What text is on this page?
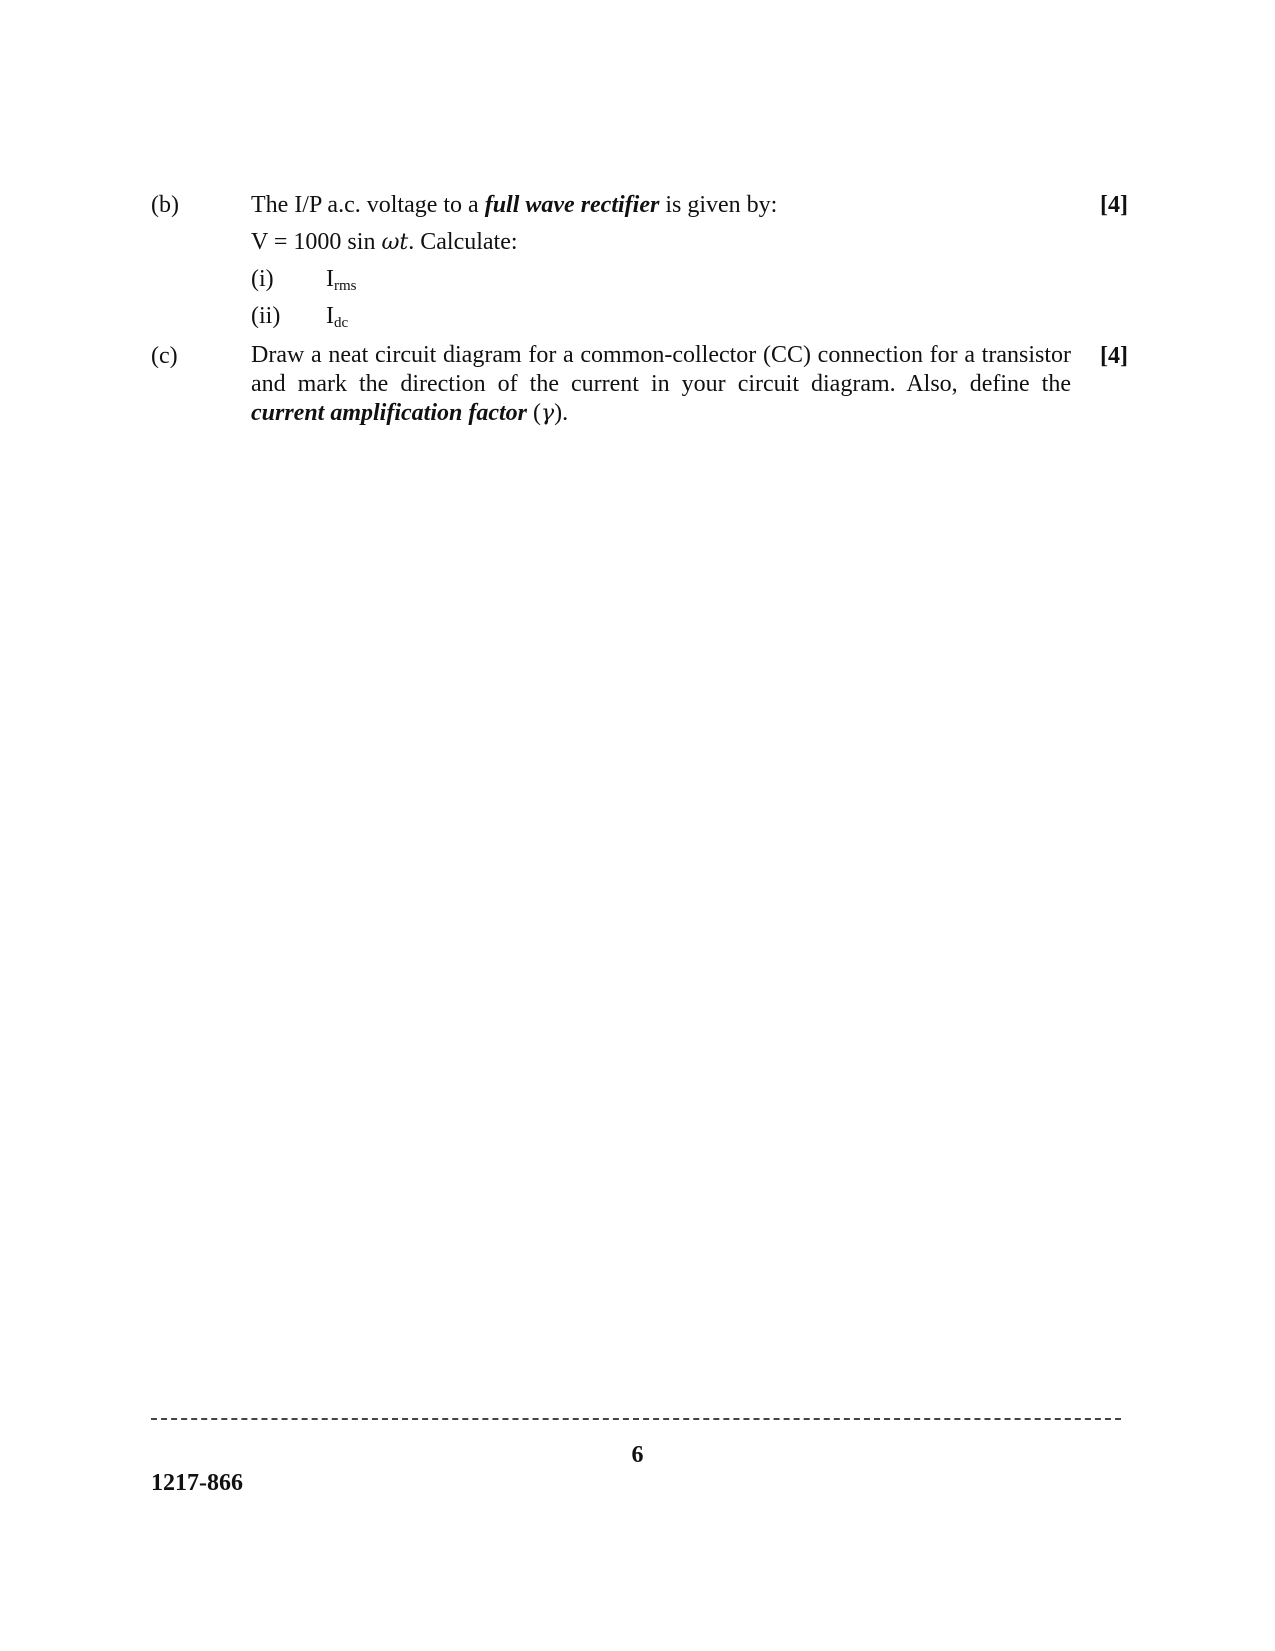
(b)	[4]
The I/P a.c. voltage to a full wave rectifier is given by:
V = 1000 sin ωt. Calculate:
(i) $I_{rms}$
(ii) $I_{dc}$
(c)	[4]
Draw a neat circuit diagram for a common-collector (CC) connection for a transistor and mark the direction of the current in your circuit diagram. Also, define the current amplification factor (γ).
6
1217-866
